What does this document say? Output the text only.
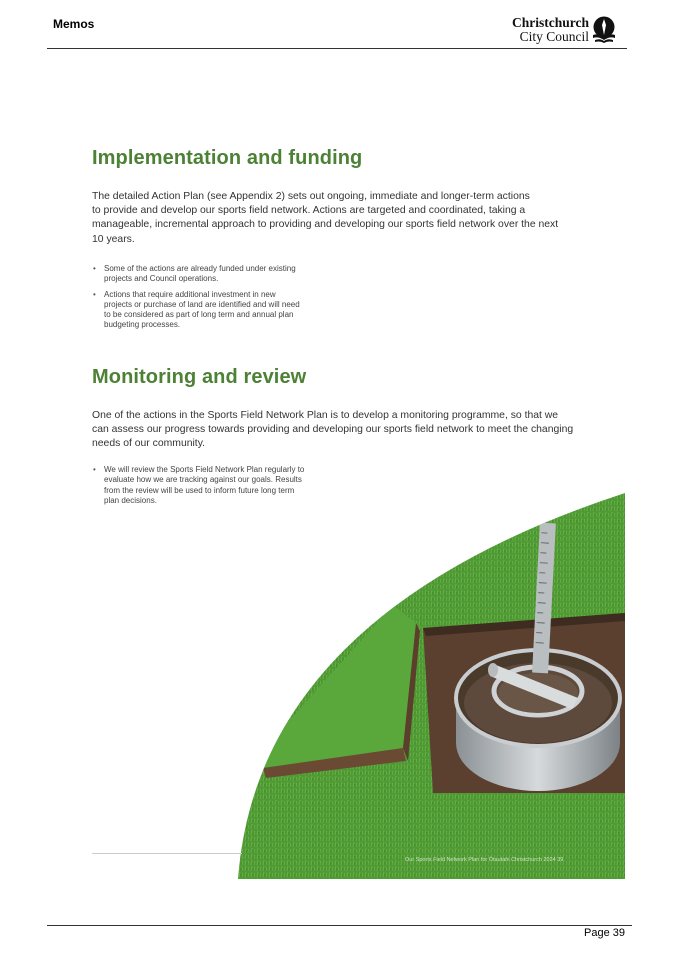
Memos	Christchurch
City Council
Implementation and funding

The detailed Action Plan (see Appendix 2) sets out ongoing, immediate and longer-term actions
to provide and develop our sports field network. Actions are targeted and coordinated, taking a
manageable, incremental approach to providing and developing our sports field network over the next
10 years.

• Some of the actions are already funded under existing
projects and Council operations.
• Actions that require additional investment in new
projects or purchase of land are identified and will need
to be considered as part of long term and annual plan
budgeting processes.
Monitoring and review

One of the actions in the Sports Field Network Plan is to develop a monitoring programme, so that we
can assess our progress towards providing and developing our sports field network to meet the changing
needs of our community.

• We will review the Sports Field Network Plan regularly to
evaluate how we are tracking against our goals. Results
from the review will be used to inform future long term
plan decisions.
Our Sports Field Network Plan for Ōtautahi Christchurch 2024 39
Page 39
